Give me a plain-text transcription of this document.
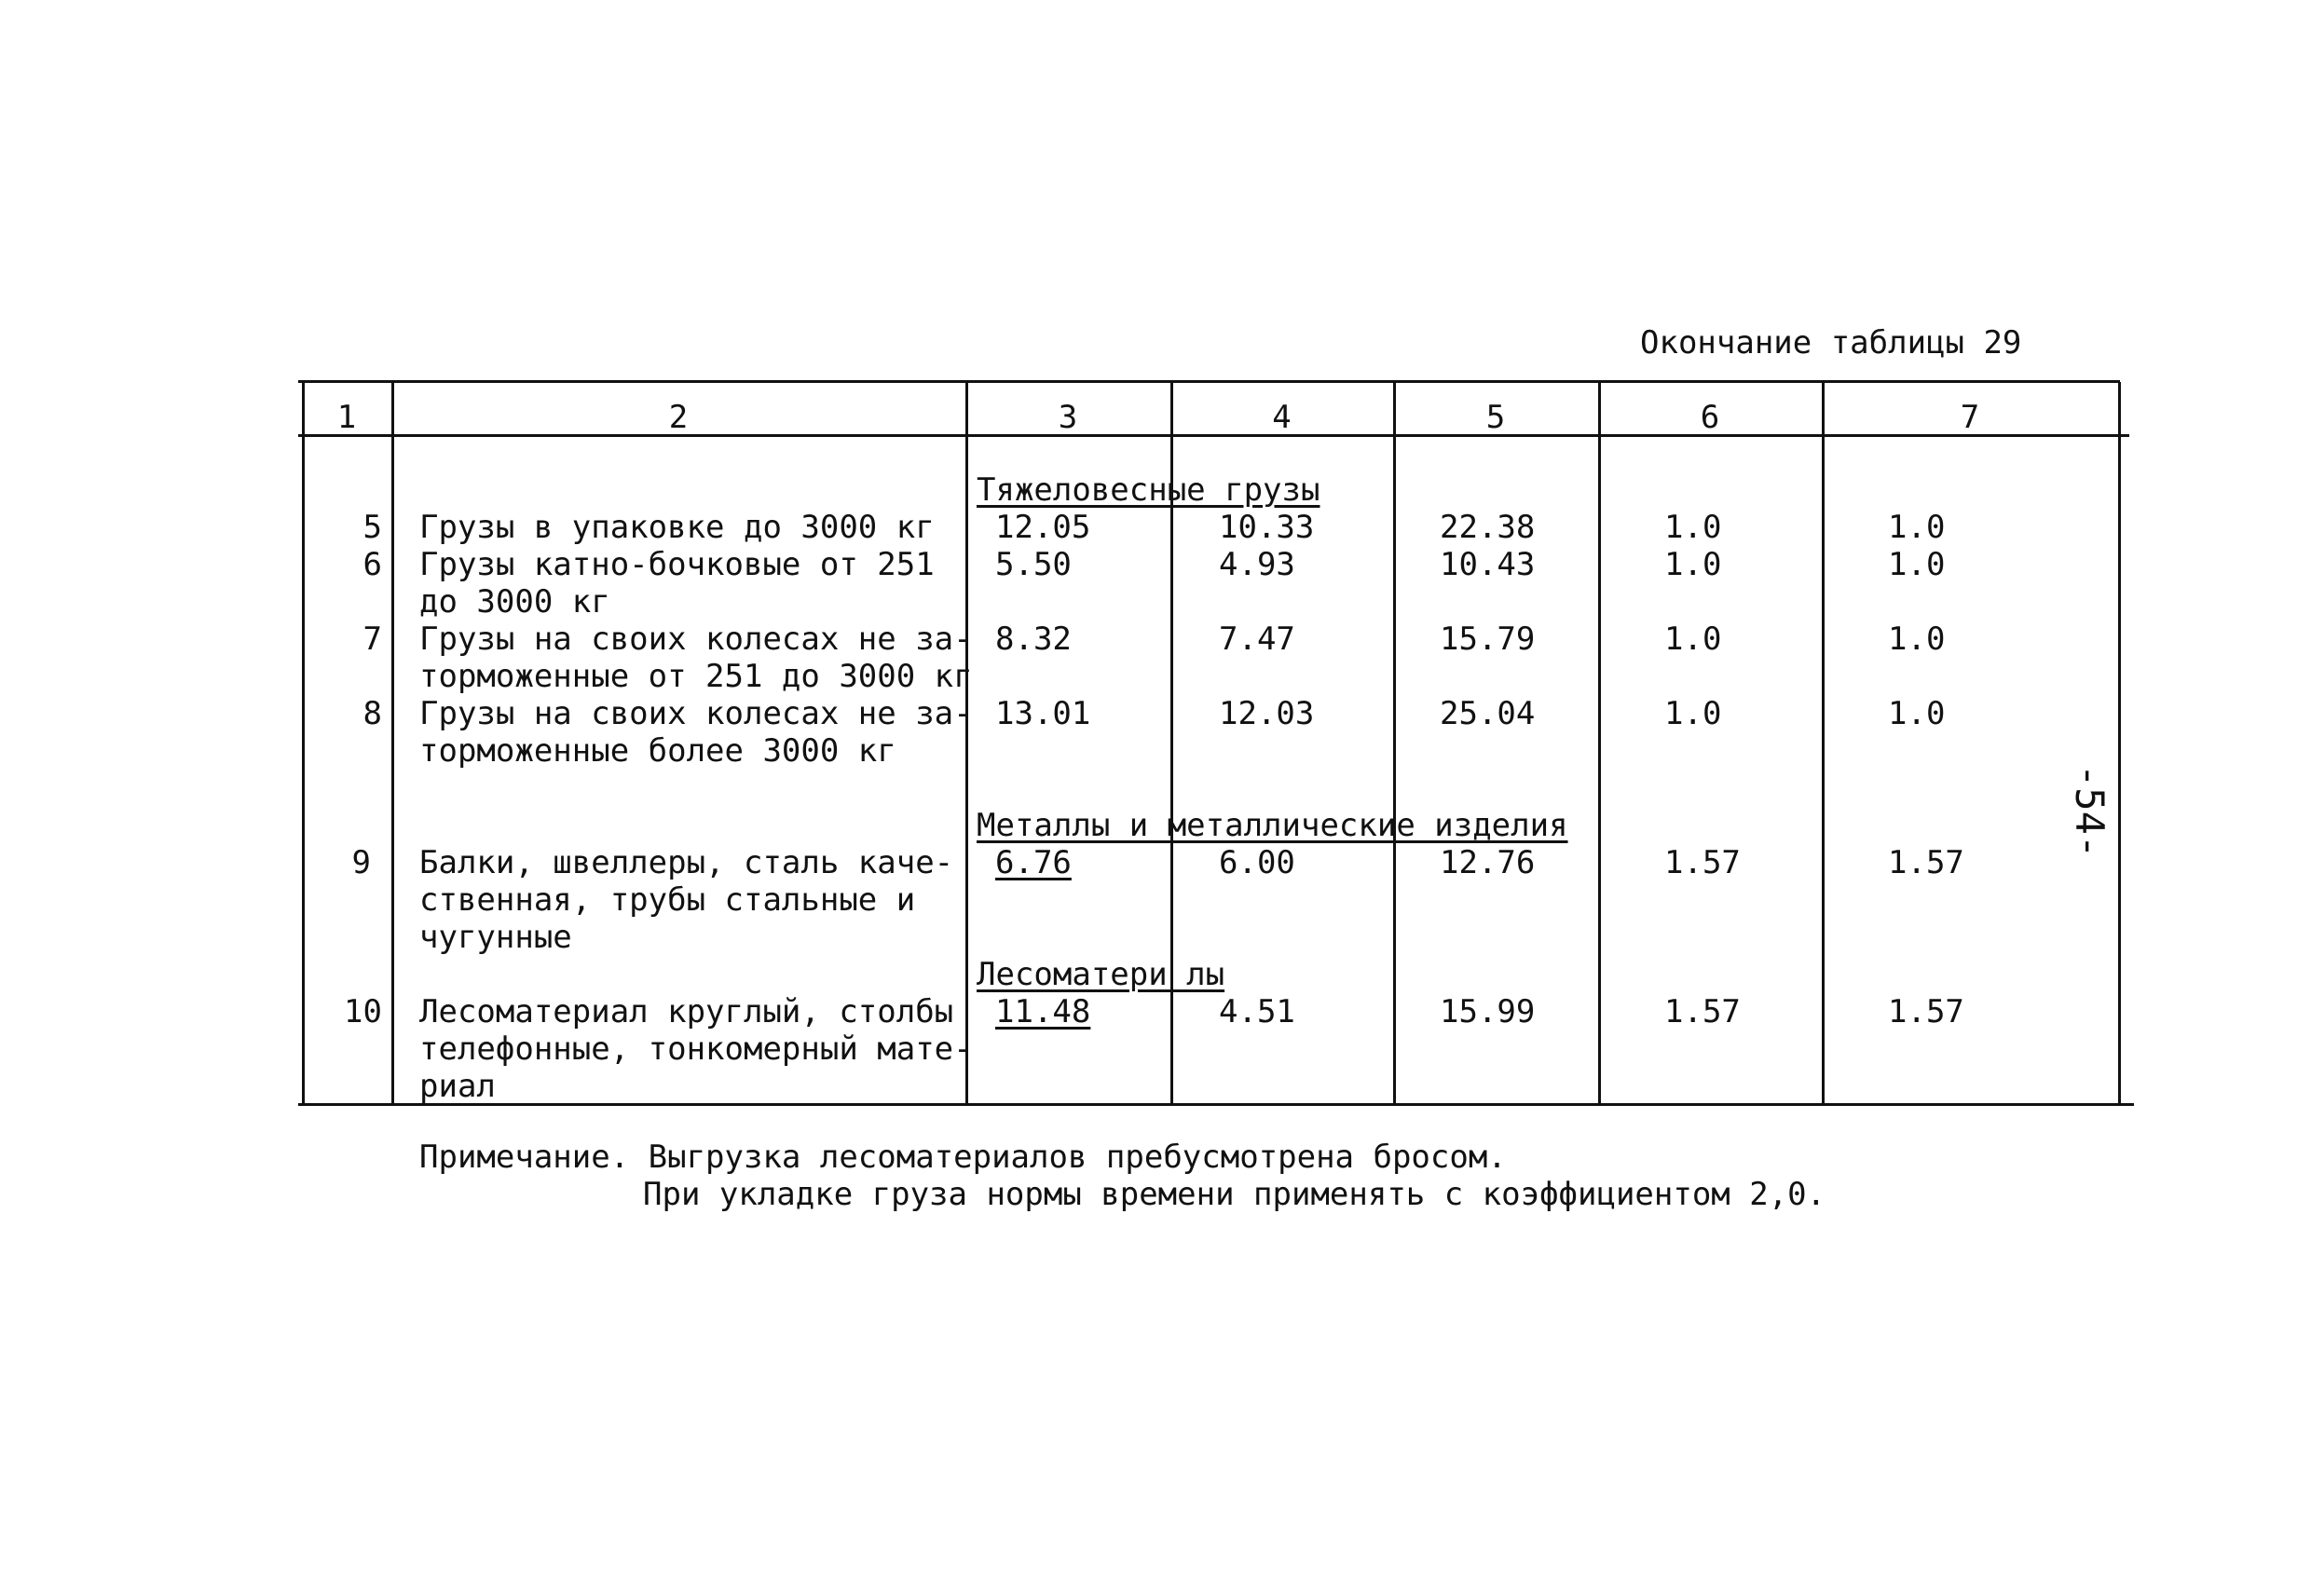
Окончание таблицы 29
1	2	3	4	5	6	7
Тяжеловесные грузы
5 Грузы в упаковке до 3000 кг 12.05	10.33	22.38	1.0	1.0
6 Грузы катно-бочковые от 251
до 3000 кг
5.50	4.93	10.43	1.0	1.0
7 Грузы на своих колесах не за-
торможенные от 251 до 3000 кг
8.32	7.47	15.79	1.0	1.0
8 Грузы на своих колесах не за-
торможенные более 3000 кг
13.01	12.03	25.04	1.0	1.0
Металлы и металлические изделия
9 Балки, швеллеры, сталь каче-
ственная, трубы стальные и
чугунные
6.76	6.00	12.76	1.57	1.57
Лесоматери лы
10 Лесоматериал круглый, столбы
телефонные, тонкомерный мате-
риал
11.48	4.51	15.99	1.57	1.57
Примечание. Выгрузка лесоматериалов пребусмотрена бросом.
При укладке груза нормы времени применять с коэффициентом 2,0.
-54-
